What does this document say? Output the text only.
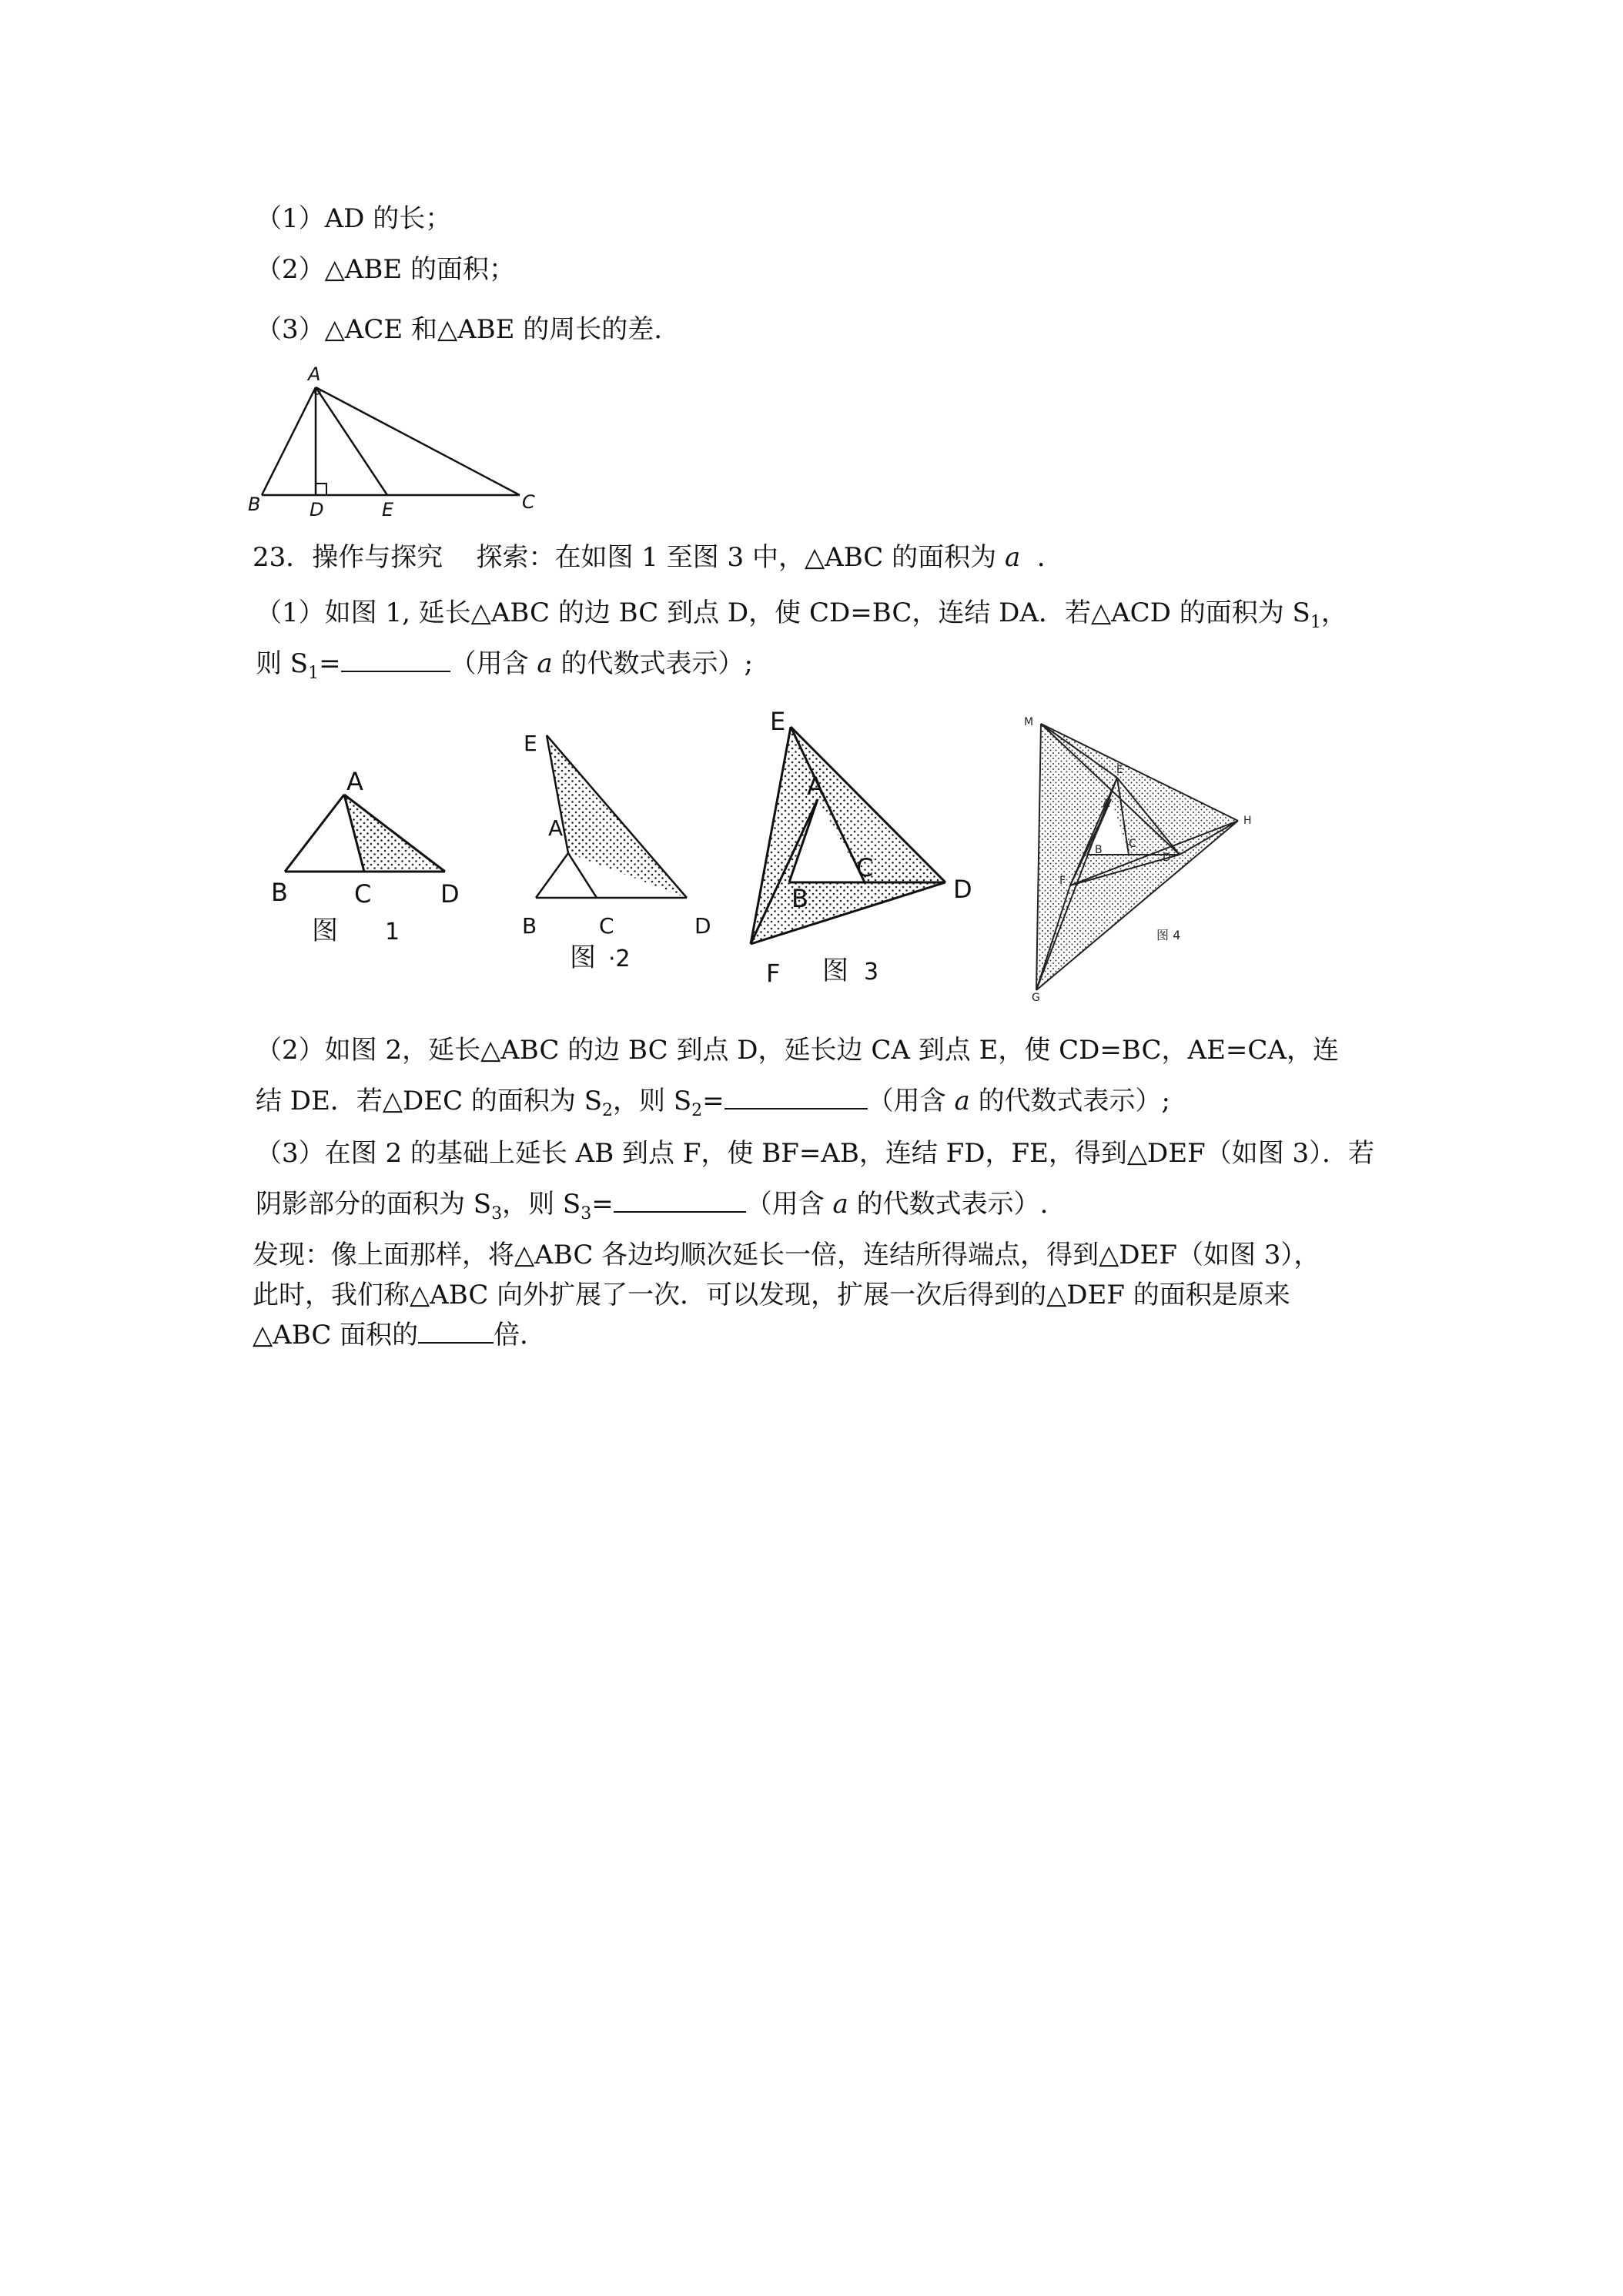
（1）AD 的长；
（2）△ABE 的面积；
（3）△ACE 和△ABE 的周长的差.
A
B	D	E	C
23．操作与探究 探索：在如图 1 至图 3 中，△ABC 的面积为 a ．
（1）如图 1, 延长△ABC 的边 BC 到点 D，使 CD=BC，连结 DA．若△ACD 的面积为 $S_1$，
则 $S_1=$	（用含 a 的代数式表示）;
A
B	C	D
图 1
E
A
B	C	D
图 ·2
E
A
B
C
D
F 图 3
M
E
A
B C
D
F
H
G
图 4
（2）如图 2，延长△ABC 的边 BC 到点 D，延长边 CA 到点 E，使 CD=BC，AE=CA，连
结 DE．若△DEC 的面积为 $S_2$，则 $S_2=$	（用含 a 的代数式表示）;
（3）在图 2 的基础上延长 AB 到点 F，使 BF=AB，连结 FD，FE，得到△DEF（如图 3）．若
阴影部分的面积为 $S_3$，则 $S_3=$	（用含 a 的代数式表示）.
发现：像上面那样，将△ABC 各边均顺次延长一倍，连结所得端点，得到△DEF（如图 3），
此时，我们称△ABC 向外扩展了一次．可以发现，扩展一次后得到的△DEF 的面积是原来
△ABC 面积的	倍．
